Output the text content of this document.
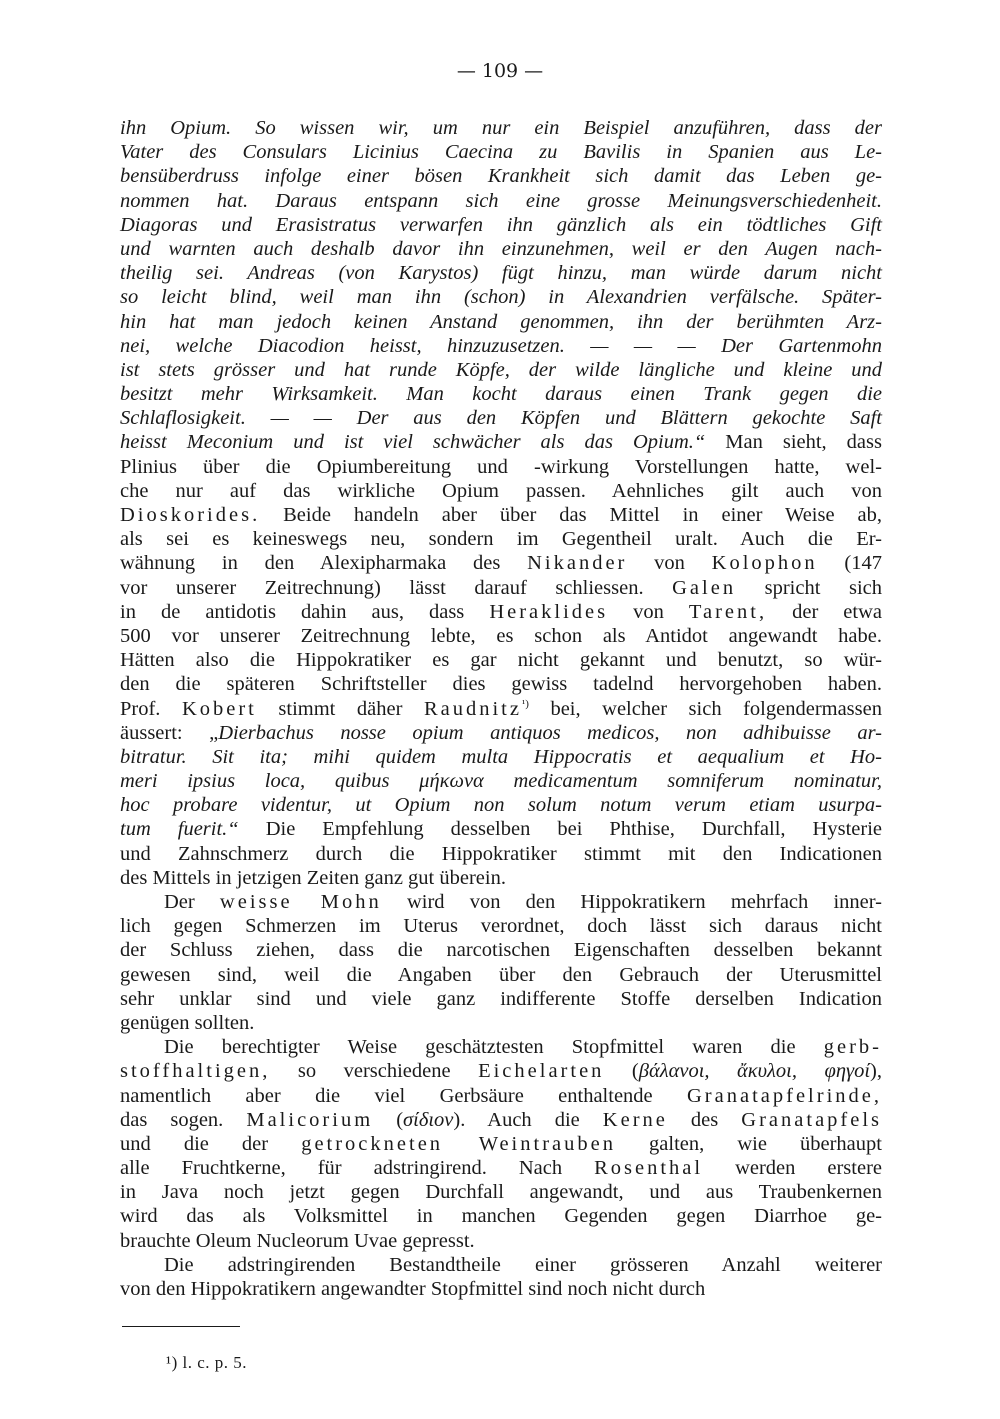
— 109 —
ihn Opium. So wissen wir, um nur ein Beispiel anzuführen, dass der
Vater des Consulars Licinius Caecina zu Bavilis in Spanien aus Le-
bensüberdruss infolge einer bösen Krankheit sich damit das Leben ge-
nommen hat. Daraus entspann sich eine grosse Meinungsverschiedenheit.
Diagoras und Erasistratus verwarfen ihn gänzlich als ein tödtliches Gift
und warnten auch deshalb davor ihn einzunehmen, weil er den Augen nach-
theilig sei. Andreas (von Karystos) fügt hinzu, man würde darum nicht
so leicht blind, weil man ihn (schon) in Alexandrien verfälsche. Später-
hin hat man jedoch keinen Anstand genommen, ihn der berühmten Arz-
nei, welche Diacodion heisst, hinzuzusetzen. — — — Der Gartenmohn
ist stets grösser und hat runde Köpfe, der wilde längliche und kleine und
besitzt mehr Wirksamkeit. Man kocht daraus einen Trank gegen die
Schlaflosigkeit. — — Der aus den Köpfen und Blättern gekochte Saft
heisst Meconium und ist viel schwächer als das Opium.“ Man sieht, dass
Plinius über die Opiumbereitung und -wirkung Vorstellungen hatte, wel-
che nur auf das wirkliche Opium passen. Aehnliches gilt auch von
Dioskorides. Beide handeln aber über das Mittel in einer Weise ab,
als sei es keineswegs neu, sondern im Gegentheil uralt. Auch die Er-
wähnung in den Alexipharmaka des Nikander von Kolophon (147
vor unserer Zeitrechnung) lässt darauf schliessen. Galen spricht sich
in de antidotis dahin aus, dass Heraklides von Tarent, der etwa
500 vor unserer Zeitrechnung lebte, es schon als Antidot angewandt habe.
Hätten also die Hippokratiker es gar nicht gekannt und benutzt, so wür-
den die späteren Schriftsteller dies gewiss tadelnd hervorgehoben haben.
Prof. Kobert stimmt däher Raudnitz$^{^1)}$ bei, welcher sich folgendermassen
äussert: „Dierbachus nosse opium antiquos medicos, non adhibuisse ar-
bitratur. Sit ita; mihi quidem multa Hippocratis et aequalium et Ho-
meri ipsius loca, quibus μήκωνα medicamentum somniferum nominatur,
hoc probare videntur, ut Opium non solum notum verum etiam usurpa-
tum fuerit.“ Die Empfehlung desselben bei Phthise, Durchfall, Hysterie
und Zahnschmerz durch die Hippokratiker stimmt mit den Indicationen
des Mittels in jetzigen Zeiten ganz gut überein.
Der weisse Mohn wird von den Hippokratikern mehrfach inner-
lich gegen Schmerzen im Uterus verordnet, doch lässt sich daraus nicht
der Schluss ziehen, dass die narcotischen Eigenschaften desselben bekannt
gewesen sind, weil die Angaben über den Gebrauch der Uterusmittel
sehr unklar sind und viele ganz indifferente Stoffe derselben Indication
genügen sollten.
Die berechtigter Weise geschätztesten Stopfmittel waren die gerb-
stoffhaltigen, so verschiedene Eichelarten (βάλανοι, ἄκυλοι, φηγοί),
namentlich aber die viel Gerbsäure enthaltende Granatapfelrinde,
das sogen. Malicorium (σίδιον). Auch die Kerne des Granatapfels
und die der getrockneten Weintrauben galten, wie überhaupt
alle Fruchtkerne, für adstringirend. Nach Rosenthal werden erstere
in Java noch jetzt gegen Durchfall angewandt, und aus Traubenkernen
wird das als Volksmittel in manchen Gegenden gegen Diarrhoe ge-
brauchte Oleum Nucleorum Uvae gepresst.
Die adstringirenden Bestandtheile einer grösseren Anzahl weiterer
von den Hippokratikern angewandter Stopfmittel sind noch nicht durch
¹) l. c. p. 5.
